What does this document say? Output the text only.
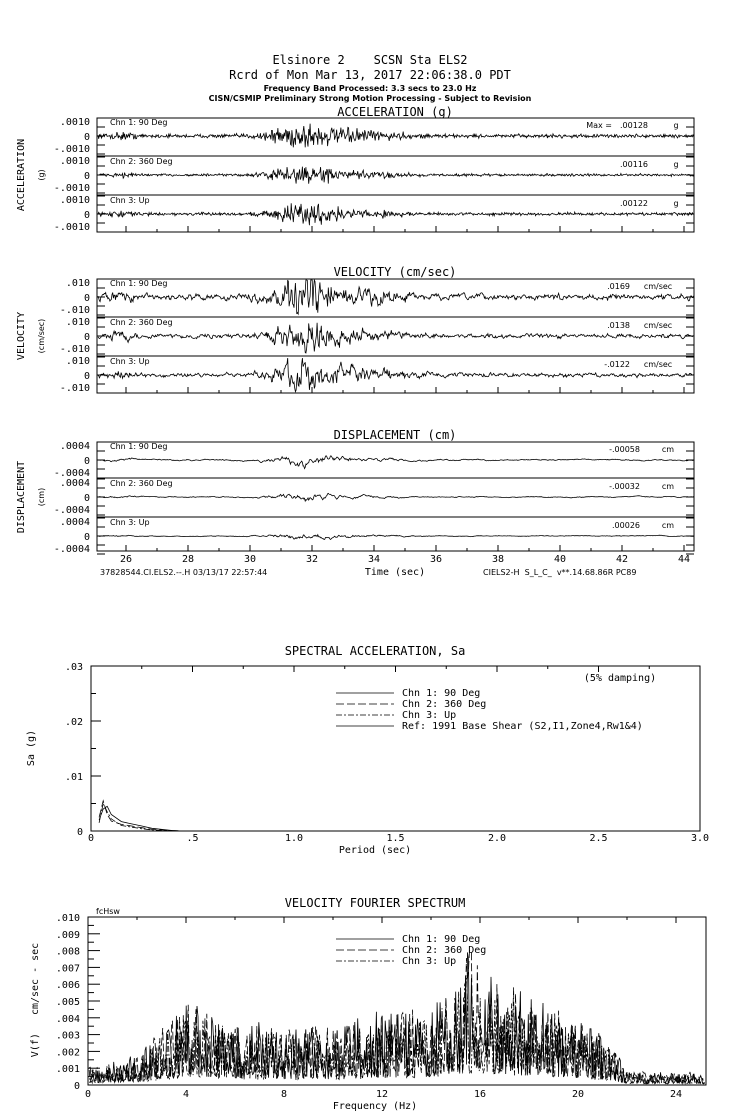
Elsinore 2    SCSN Sta ELS2
Rcrd of Mon Mar 13, 2017 22:06:38.0 PDT
Frequency Band Processed: 3.3 secs to 23.0 Hz
CISN/CSMIP Preliminary Strong Motion Processing - Subject to Revision
ACCELERATION (g)
VELOCITY (cm/sec)
DISPLACEMENT (cm)
ACCELERATION (g)
VELOCITY (cm/sec)
DISPLACEMENT (cm)
Time (sec)
37828544.CI.ELS2.--.H 03/13/17 22:57:44	CIELS2-H  S_L_C_  v**.14.68.86R PC89
SPECTRAL ACCELERATION, Sa
(5% damping)
Period (sec)
Sa (g)
VELOCITY FOURIER SPECTRUM
fcHsw
Frequency (Hz)
V(f)   cm/sec - sec
.0010
0
-.0010
Chn 1: 90 Deg	.00128	g
Max =
.0010
0
-.0010
Chn 2: 360 Deg	.00116	g
.0010
0
-.0010
Chn 3: Up	.00122	g
.010
0
-.010
Chn 1: 90 Deg	.0169 cm/sec
.010
0
-.010
Chn 2: 360 Deg	.0138 cm/sec
.010
0
-.010
Chn 3: Up	-.0122 cm/sec
.0004
0
-.0004
Chn 1: 90 Deg	-.00058	cm
.0004
0
-.0004
Chn 2: 360 Deg	-.00032	cm
.0004
0
-.0004
Chn 3: Up	.00026	cm
26	28	30	32	34	36	38	40	42	44
0	.5	1.0	1.5	2.0	2.5	3.0
0
.01
.02
.03
Chn 1: 90 Deg
Chn 2: 360 Deg
Chn 3: Up
Ref: 1991 Base Shear (S2,I1,Zone4,Rw1&4)
0	4	8	12	16	20	24
0
.001
.002
.003
.004
.005
.006
.007
.008
.009
.010
Chn 1: 90 Deg
Chn 2: 360 Deg
Chn 3: Up
